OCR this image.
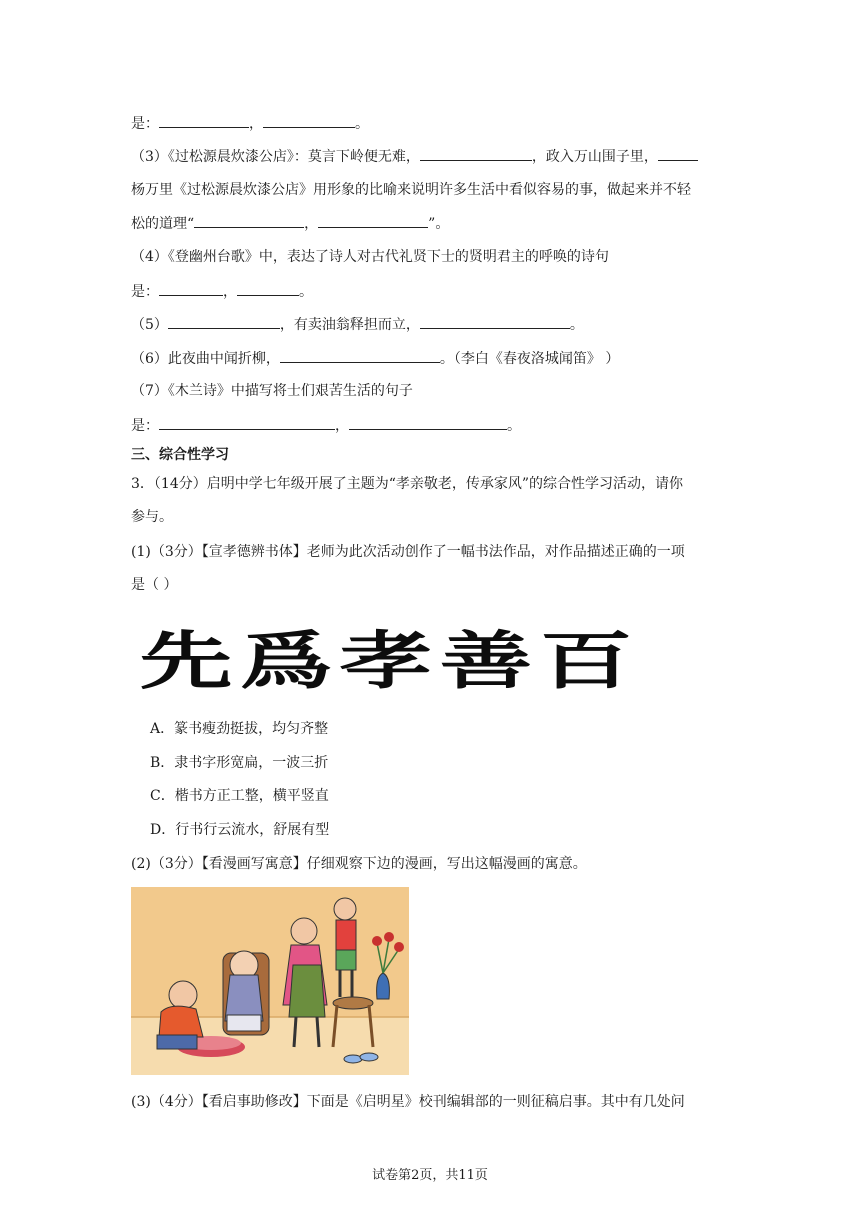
是：	，	。
（3）《过松源晨炊漆公店》：莫言下岭便无难，	，政入万山围子里，
杨万里《过松源晨炊漆公店》用形象的比喻来说明许多生活中看似容易的事，做起来并不轻
松的道理“	，	”。
（4）《登幽州台歌》中，表达了诗人对古代礼贤下士的贤明君主的呼唤的诗句
是：	，	。
（5）	，有卖油翁释担而立，	。
（6）此夜曲中闻折柳，	。（李白《春夜洛城闻笛》 ）
（7）《木兰诗》中描写将士们艰苦生活的句子
是：	，	。
三、综合性学习
3．（14分）启明中学七年级开展了主题为“孝亲敬老，传承家风”的综合性学习活动，请你
参与。
(1)（3分）【宣孝德辨书体】老师为此次活动创作了一幅书法作品，对作品描述正确的一项
是（ ）
先爲孝善百
A．篆书瘦劲挺拔，均匀齐整
B．隶书字形宽扁，一波三折
C．楷书方正工整，横平竖直
D．行书行云流水，舒展有型
(2)（3分）【看漫画写寓意】仔细观察下边的漫画，写出这幅漫画的寓意。
(3)（4分）【看启事助修改】下面是《启明星》校刊编辑部的一则征稿启事。其中有几处问
试卷第2页，共11页
